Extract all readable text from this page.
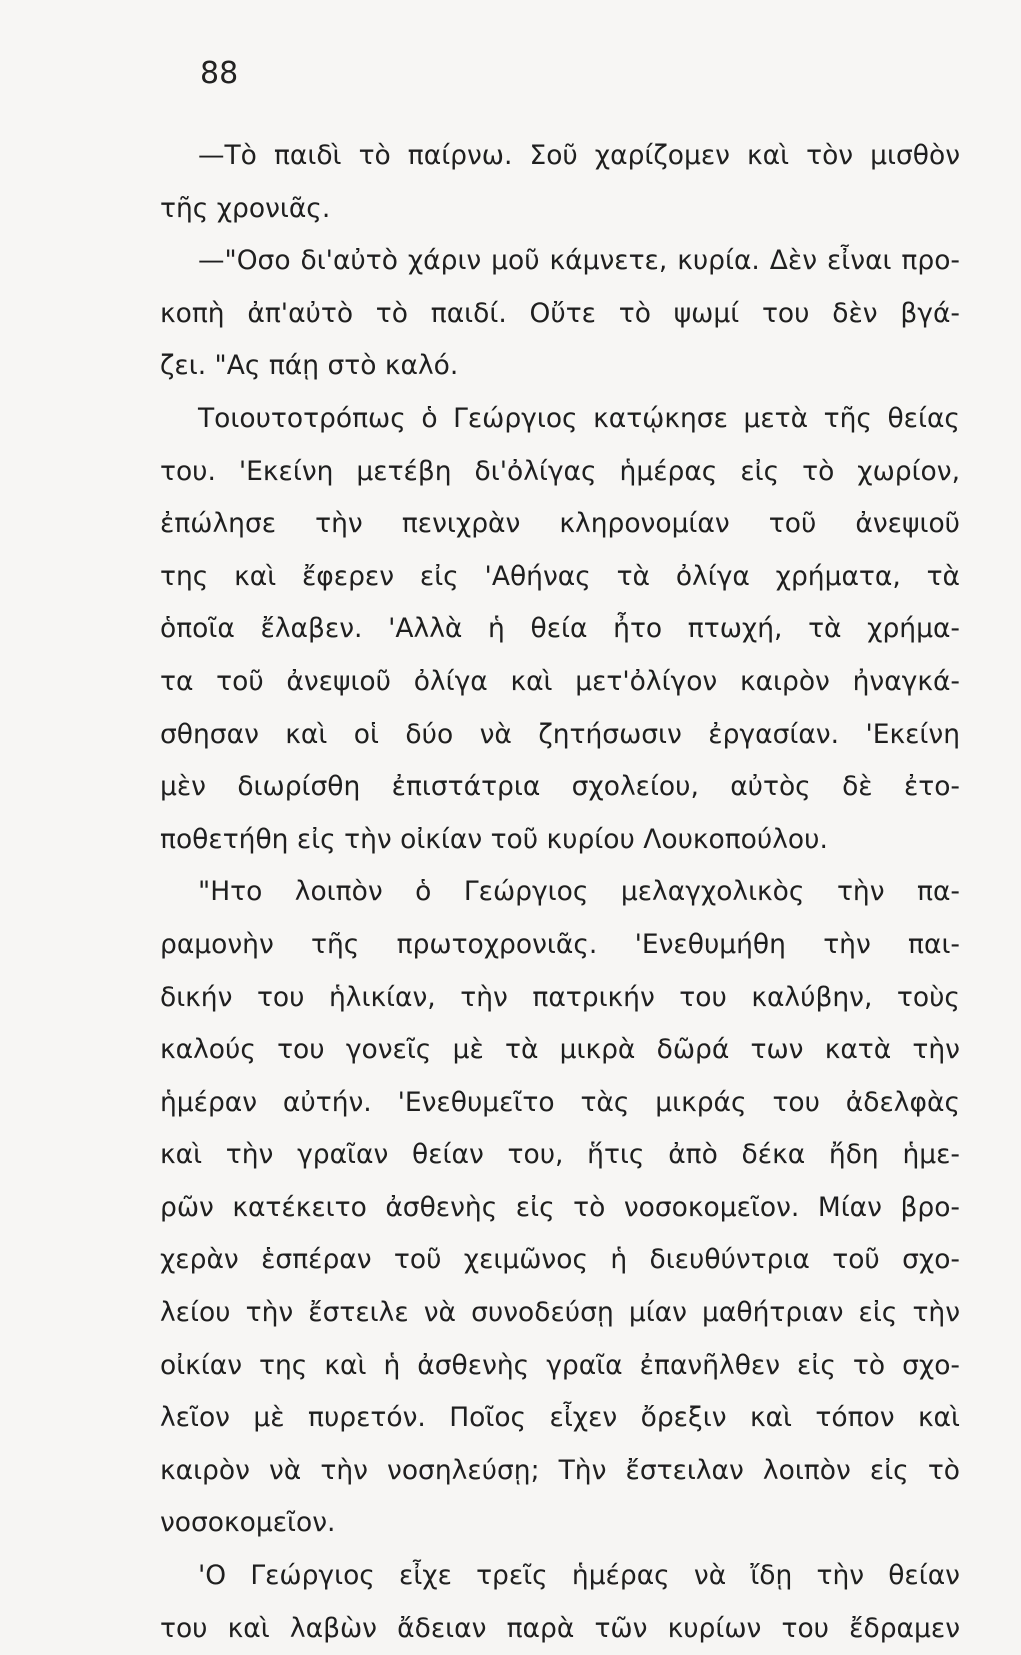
88
—Τὸ παιδὶ τὸ παίρνω. Σοῦ χαρίζομεν καὶ τὸν μισθὸν
τῆς χρονιᾶς.
—"Οσο δι'αὐτὸ χάριν μοῦ κάμνετε, κυρία. Δὲν εἶναι προ-
κοπὴ ἀπ'αὐτὸ τὸ παιδί. Οὔτε τὸ ψωμί του δὲν βγά-
ζει. "Ας πάῃ στὸ καλό.
Τοιουτοτρόπως ὁ Γεώργιος κατῴκησε μετὰ τῆς θείας
του. 'Εκείνη μετέβη δι'ὀλίγας ἡμέρας εἰς τὸ χωρίον,
ἐπώλησε τὴν πενιχρὰν κληρονομίαν τοῦ ἀνεψιοῦ
της καὶ ἔφερεν εἰς 'Αθήνας τὰ ὀλίγα χρήματα, τὰ
ὁποῖα ἔλαβεν. 'Αλλὰ ἡ θεία ἦτο πτωχή, τὰ χρήμα-
τα τοῦ ἀνεψιοῦ ὀλίγα καὶ μετ'ὀλίγον καιρὸν ἠναγκά-
σθησαν καὶ οἱ δύο νὰ ζητήσωσιν ἐργασίαν. 'Εκείνη
μὲν διωρίσθη ἐπιστάτρια σχολείου, αὐτὸς δὲ ἐτο-
ποθετήθη εἰς τὴν οἰκίαν τοῦ κυρίου Λουκοπούλου.
"Ητο λοιπὸν ὁ Γεώργιος μελαγχολικὸς τὴν πα-
ραμονὴν τῆς πρωτοχρονιᾶς. 'Ενεθυμήθη τὴν παι-
δικήν του ἡλικίαν, τὴν πατρικήν του καλύβην, τοὺς
καλούς του γονεῖς μὲ τὰ μικρὰ δῶρά των κατὰ τὴν
ἡμέραν αὐτήν. 'Ενεθυμεῖτο τὰς μικράς του ἀδελφὰς
καὶ τὴν γραῖαν θείαν του, ἥτις ἀπὸ δέκα ἤδη ἡμε-
ρῶν κατέκειτο ἀσθενὴς εἰς τὸ νοσοκομεῖον. Μίαν βρο-
χερὰν ἑσπέραν τοῦ χειμῶνος ἡ διευθύντρια τοῦ σχο-
λείου τὴν ἔστειλε νὰ συνοδεύσῃ μίαν μαθήτριαν εἰς τὴν
οἰκίαν της καὶ ἡ ἀσθενὴς γραῖα ἐπανῆλθεν εἰς τὸ σχο-
λεῖον μὲ πυρετόν. Ποῖος εἶχεν ὄρεξιν καὶ τόπον καὶ
καιρὸν νὰ τὴν νοσηλεύσῃ; Τὴν ἔστειλαν λοιπὸν εἰς τὸ
νοσοκομεῖον.
'Ο Γεώργιος εἶχε τρεῖς ἡμέρας νὰ ἴδῃ τὴν θείαν
του καὶ λαβὼν ἄδειαν παρὰ τῶν κυρίων του ἔδραμεν
